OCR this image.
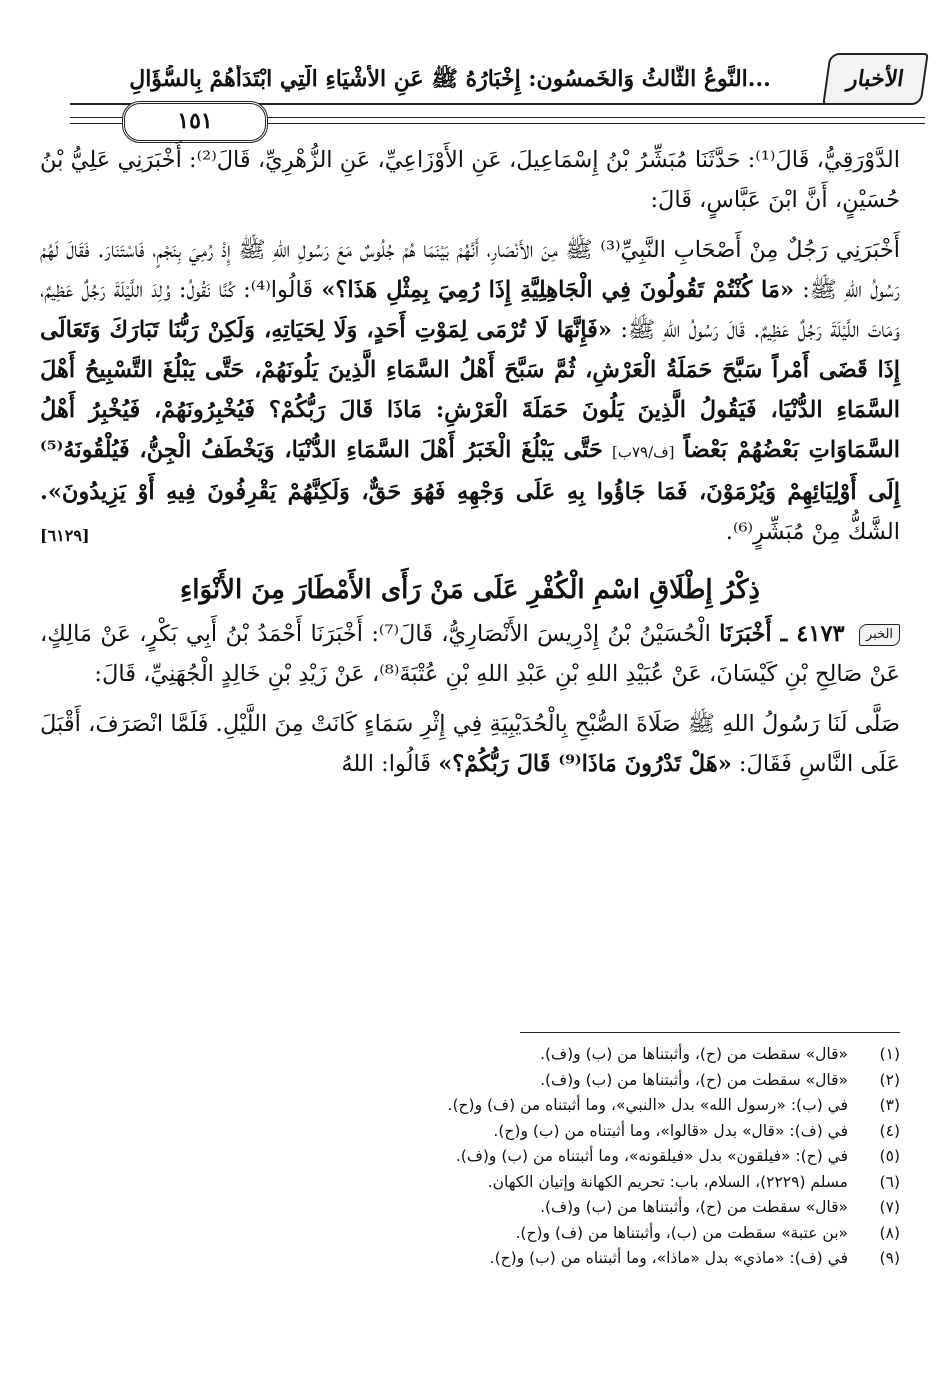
النَّوعُ الثَّالثُ وَالخَمسُون: إِخْبَارُهُ ﷺ عَنِ الأَشْيَاءِ الَّتِي ابْتَدَأَهُمْ بِالسُّؤَالِ...	الأخبار
١٥١

الدَّوْرَقِيُّ، قَالَ⁽¹⁾: حَدَّثَنَا مُبَشِّرُ بْنُ إِسْمَاعِيلَ، عَنِ الأَوْزَاعِيِّ، عَنِ الزُّهْرِيِّ، قَالَ⁽²⁾: أَخْبَرَنِي عَلِيُّ بْنُ حُسَيْنٍ، أَنَّ ابْنَ عَبَّاسٍ، قَالَ:

أَخْبَرَنِي رَجُلٌ مِنْ أَصْحَابِ النَّبِيِّ⁽³⁾ ﷺ مِنَ الأَنْصَارِ، أَنَّهُمْ بَيْنَمَا هُمْ جُلُوسٌ مَعَ رَسُولِ اللهِ ﷺ إِذْ رُمِيَ بِنَجْمٍ، فَاسْتَنَارَ. فَقَالَ لَهُمْ رَسُولُ اللهِ ﷺ: «مَا كُنْتُمْ تَقُولُونَ فِي الْجَاهِلِيَّةِ إِذَا رُمِيَ بِمِثْلِ هَذَا؟» قَالُوا⁽⁴⁾: كُنَّا نَقُولُ: وُلِدَ اللَّيْلَةَ رَجُلٌ عَظِيمٌ، وَمَاتَ اللَّيْلَةَ رَجُلٌ عَظِيمٌ. قَالَ رَسُولُ اللهِ ﷺ: «فَإِنَّهَا لَا تُرْمَى لِمَوْتِ أَحَدٍ، وَلَا لِحَيَاتِهِ، وَلَكِنْ رَبُّنَا تَبَارَكَ وَتَعَالَى إِذَا قَضَى أَمْراً سَبَّحَ حَمَلَةُ الْعَرْشِ، ثُمَّ سَبَّحَ أَهْلُ السَّمَاءِ الَّذِينَ يَلُونَهُمْ، حَتَّى يَبْلُغَ التَّسْبِيحُ أَهْلَ السَّمَاءِ الدُّنْيَا، فَيَقُولُ الَّذِينَ يَلُونَ حَمَلَةَ الْعَرْشِ: مَاذَا قَالَ رَبُّكُمْ؟ فَيُخْبِرُونَهُمْ، فَيُخْبِرُ أَهْلُ السَّمَاوَاتِ بَعْضُهُمْ بَعْضاً [ف/٧٩ب] حَتَّى يَبْلُغَ الْخَبَرُ أَهْلَ السَّمَاءِ الدُّنْيَا، وَيَخْطَفُ الْجِنُّ، فَيُلْقُونَهُ⁽⁵⁾ إِلَى أَوْلِيَائِهِمْ وَيُرْمَوْنَ، فَمَا جَاؤُوا بِهِ عَلَى وَجْهِهِ فَهُوَ حَقٌّ، وَلَكِنَّهُمْ يَقْرِفُونَ فِيهِ أَوْ يَزِيدُونَ». الشَّكُّ مِنْ مُبَشِّرٍ⁽⁶⁾.
[٦١٢٩]

ذِكْرُ إِطْلَاقِ اسْمِ الْكُفْرِ عَلَى مَنْ رَأَى الأَمْطَارَ مِنَ الأَنْوَاءِ

الخبر ٤١٧٣ ـ أَخْبَرَنَا الْحُسَيْنُ بْنُ إِدْرِيسَ الأَنْصَارِيُّ، قَالَ⁽⁷⁾: أَخْبَرَنَا أَحْمَدُ بْنُ أَبِي بَكْرٍ، عَنْ مَالِكٍ، عَنْ صَالِحِ بْنِ كَيْسَانَ، عَنْ عُبَيْدِ اللهِ بْنِ عَبْدِ اللهِ بْنِ عُتْبَةَ⁽⁸⁾، عَنْ زَيْدِ بْنِ خَالِدٍ الْجُهَنِيِّ، قَالَ:

صَلَّى لَنَا رَسُولُ اللهِ ﷺ صَلَاةَ الصُّبْحِ بِالْحُدَيْبِيَةِ فِي إِثْرِ سَمَاءٍ كَانَتْ مِنَ اللَّيْلِ. فَلَمَّا انْصَرَفَ، أَقْبَلَ عَلَى النَّاسِ فَقَالَ: «هَلْ تَدْرُونَ مَاذَا⁽⁹⁾ قَالَ رَبُّكُمْ؟» قَالُوا: اللهُ

(١)«قال» سقطت من (ح)، وأثبتناها من (ب) و(ف).
(٢)«قال» سقطت من (ح)، وأثبتناها من (ب) و(ف).
(٣)في (ب): «رسول الله» بدل «النبي»، وما أثبتناه من (ف) و(ح).
(٤)في (ف): «قال» بدل «قالوا»، وما أثبتناه من (ب) و(ح).
(٥)في (ح): «فيلقون» بدل «فيلقونه»، وما أثبتناه من (ب) و(ف).
(٦)مسلم (٢٢٢٩)، السلام، باب: تحريم الكهانة وإتيان الكهان.
(٧)«قال» سقطت من (ح)، وأثبتناها من (ب) و(ف).
(٨)«بن عتبة» سقطت من (ب)، وأثبتناها من (ف) و(ح).
(٩)في (ف): «ماذي» بدل «ماذا»، وما أثبتناه من (ب) و(ح).
